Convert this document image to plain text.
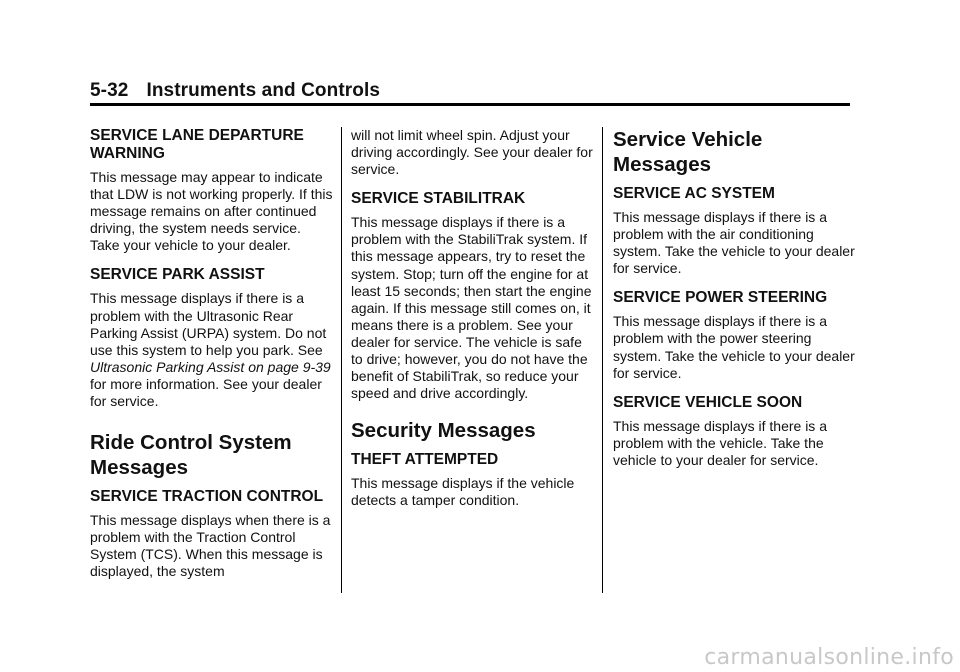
5-32 Instruments and Controls
SERVICE LANE DEPARTURE WARNING

This message may appear to indicate that LDW is not working properly. If this message remains on after continued driving, the system needs service. Take your vehicle to your dealer.

SERVICE PARK ASSIST

This message displays if there is a problem with the Ultrasonic Rear Parking Assist (URPA) system. Do not use this system to help you park. See Ultrasonic Parking Assist on page 9-39 for more information. See your dealer for service.

Ride Control System Messages
SERVICE TRACTION CONTROL

This message displays when there is a problem with the Traction Control System (TCS). When this message is displayed, the system

will not limit wheel spin. Adjust your driving accordingly. See your dealer for service.

SERVICE STABILITRAK

This message displays if there is a problem with the StabiliTrak system. If this message appears, try to reset the system. Stop; turn off the engine for at least 15 seconds; then start the engine again. If this message still comes on, it means there is a problem. See your dealer for service. The vehicle is safe to drive; however, you do not have the benefit of StabiliTrak, so reduce your speed and drive accordingly.

Security Messages
THEFT ATTEMPTED

This message displays if the vehicle detects a tamper condition.

Service Vehicle Messages
SERVICE AC SYSTEM

This message displays if there is a problem with the air conditioning system. Take the vehicle to your dealer for service.

SERVICE POWER STEERING

This message displays if there is a problem with the power steering system. Take the vehicle to your dealer for service.

SERVICE VEHICLE SOON

This message displays if there is a problem with the vehicle. Take the vehicle to your dealer for service.

carmanualsonline.info
